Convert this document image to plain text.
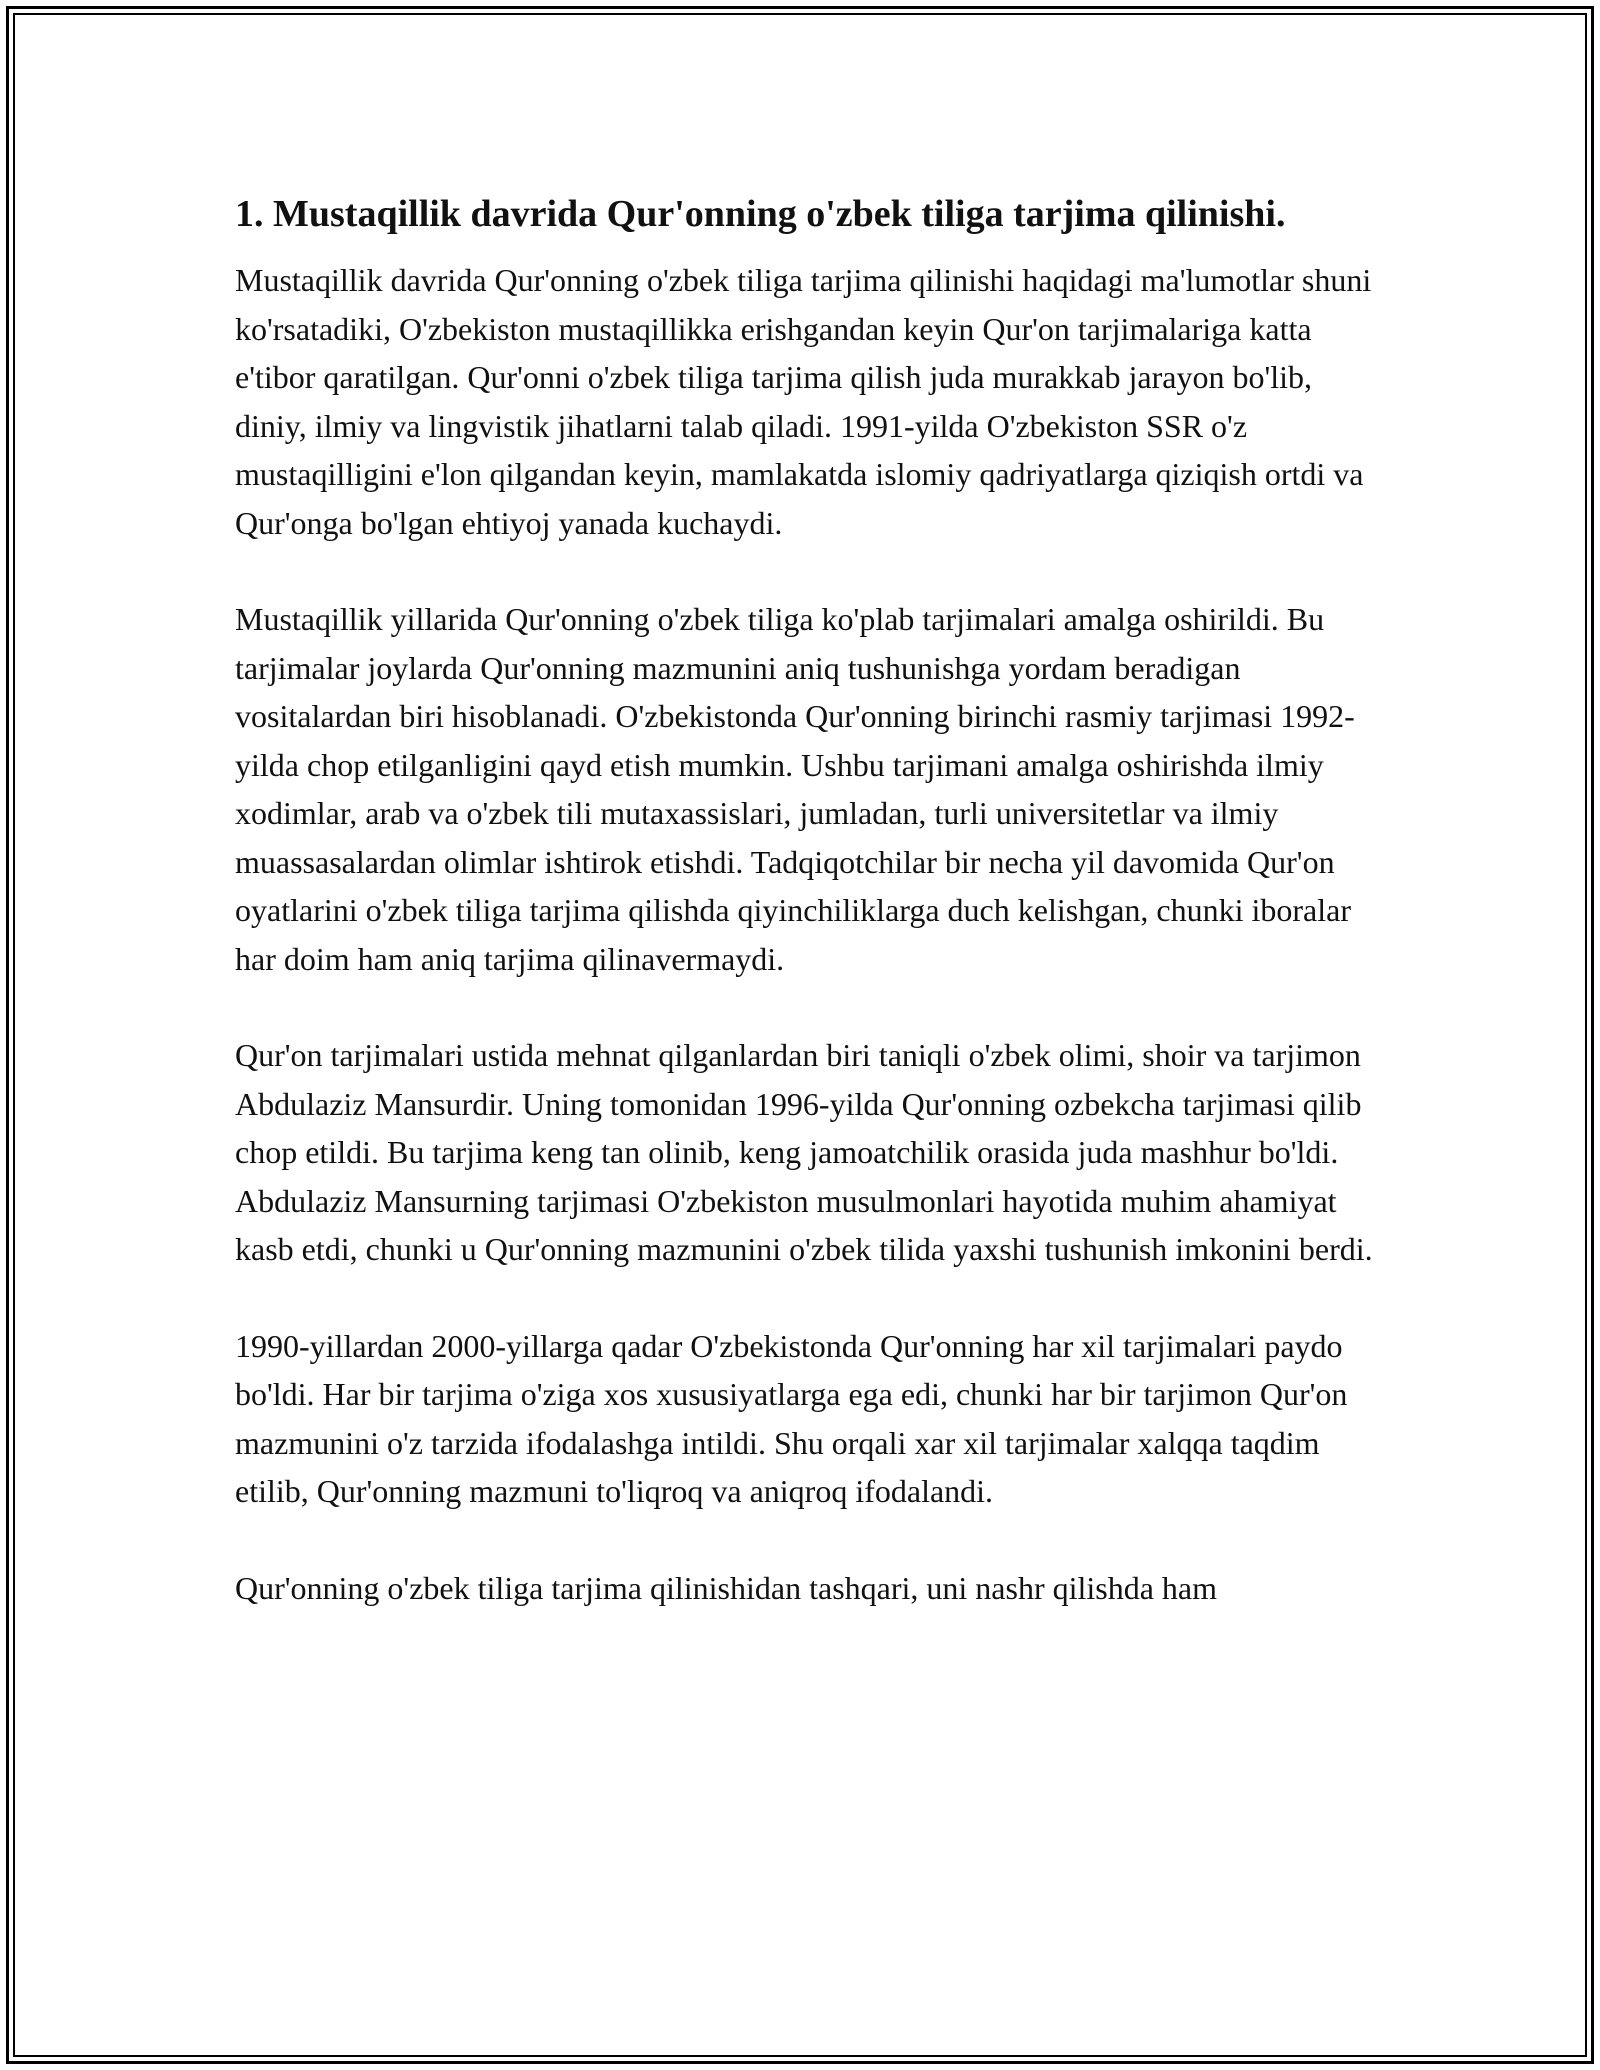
1. Mustaqillik davrida Qur'onning o'zbek tiliga tarjima qilinishi.

Mustaqillik davrida Qur'onning o'zbek tiliga tarjima qilinishi haqidagi ma'lumotlar shuni ko'rsatadiki, O'zbekiston mustaqillikka erishgandan keyin Qur'on tarjimalariga katta e'tibor qaratilgan. Qur'onni o'zbek tiliga tarjima qilish juda murakkab jarayon bo'lib, diniy, ilmiy va lingvistik jihatlarni talab qiladi. 1991-yilda O'zbekiston SSR o'z mustaqilligini e'lon qilgandan keyin, mamlakatda islomiy qadriyatlarga qiziqish ortdi va Qur'onga bo'lgan ehtiyoj yanada kuchaydi.

Mustaqillik yillarida Qur'onning o'zbek tiliga ko'plab tarjimalari amalga oshirildi. Bu tarjimalar joylarda Qur'onning mazmunini aniq tushunishga yordam beradigan vositalardan biri hisoblanadi. O'zbekistonda Qur'onning birinchi rasmiy tarjimasi 1992-yilda chop etilganligini qayd etish mumkin. Ushbu tarjimani amalga oshirishda ilmiy xodimlar, arab va o'zbek tili mutaxassislari, jumladan, turli universitetlar va ilmiy muassasalardan olimlar ishtirok etishdi. Tadqiqotchilar bir necha yil davomida Qur'on oyatlarini o'zbek tiliga tarjima qilishda qiyinchiliklarga duch kelishgan, chunki iboralar har doim ham aniq tarjima qilinavermaydi.

Qur'on tarjimalari ustida mehnat qilganlardan biri taniqli o'zbek olimi, shoir va tarjimon Abdulaziz Mansurdir. Uning tomonidan 1996-yilda Qur'onning ozbekcha tarjimasi qilib chop etildi. Bu tarjima keng tan olinib, keng jamoatchilik orasida juda mashhur bo'ldi. Abdulaziz Mansurning tarjimasi O'zbekiston musulmonlari hayotida muhim ahamiyat kasb etdi, chunki u Qur'onning mazmunini o'zbek tilida yaxshi tushunish imkonini berdi.

1990-yillardan 2000-yillarga qadar O'zbekistonda Qur'onning har xil tarjimalari paydo bo'ldi. Har bir tarjima o'ziga xos xususiyatlarga ega edi, chunki har bir tarjimon Qur'on mazmunini o'z tarzida ifodalashga intildi. Shu orqali xar xil tarjimalar xalqqa taqdim etilib, Qur'onning mazmuni to'liqroq va aniqroq ifodalandi.

Qur'onning o'zbek tiliga tarjima qilinishidan tashqari, uni nashr qilishda ham
